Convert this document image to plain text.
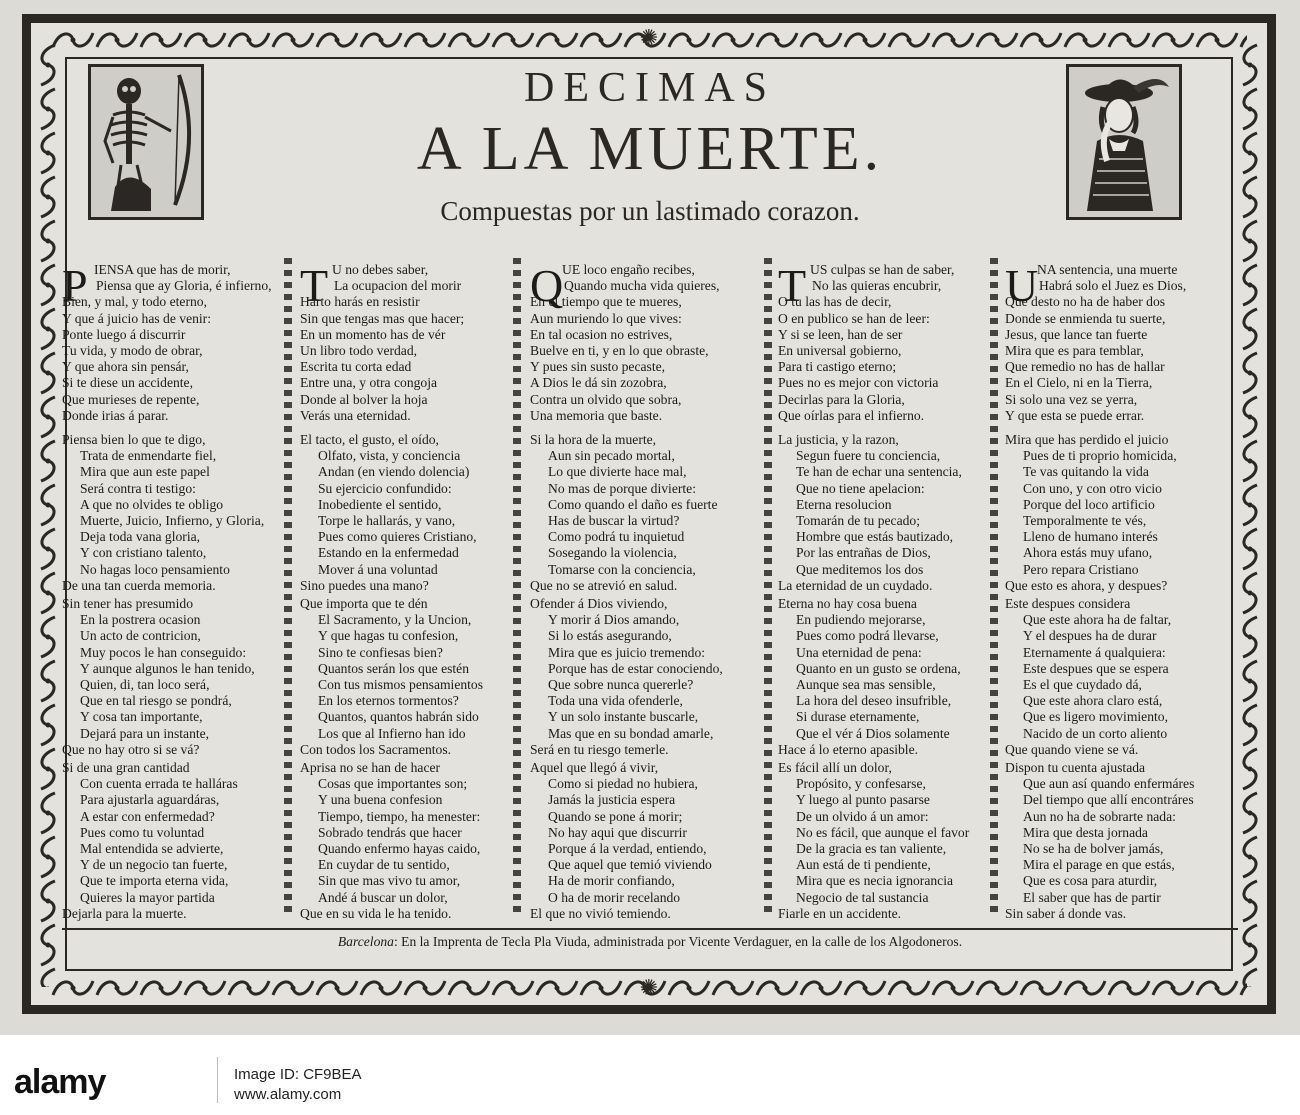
✺
✺
DECIMAS
A LA MUERTE.
Compuestas por un lastimado corazon.
P IENSA que has de morir,
Piensa que ay Gloria, é infierno,
Bien, y mal, y todo eterno,
Y que á juicio has de venir:
Ponte luego á discurrir
Tu vida, y modo de obrar,
Y que ahora sin pensár,
Si te diese un accidente,
Que murieses de repente,
Donde irias á parar.
Piensa bien lo que te digo,
Trata de enmendarte fiel,
Mira que aun este papel
Será contra ti testigo:
A que no olvides te obligo
Muerte, Juicio, Infierno, y Gloria,
Deja toda vana gloria,
Y con cristiano talento,
No hagas loco pensamiento
De una tan cuerda memoria.
Sin tener has presumido
En la postrera ocasion
Un acto de contricion,
Muy pocos le han conseguido:
Y aunque algunos le han tenido,
Quien, di, tan loco será,
Que en tal riesgo se pondrá,
Y cosa tan importante,
Dejará para un instante,
Que no hay otro si se vá?
Si de una gran cantidad
Con cuenta errada te halláras
Para ajustarla aguardáras,
A estar con enfermedad?
Pues como tu voluntad
Mal entendida se advierte,
Y de un negocio tan fuerte,
Que te importa eterna vida,
Quieres la mayor partida
Dejarla para la muerte.
T U no debes saber,
La ocupacion del morir
Harto harás en resistir
Sin que tengas mas que hacer;
En un momento has de vér
Un libro todo verdad,
Escrita tu corta edad
Entre una, y otra congoja
Donde al bolver la hoja
Verás una eternidad.
El tacto, el gusto, el oído,
Olfato, vista, y conciencia
Andan (en viendo dolencia)
Su ejercicio confundido:
Inobediente el sentido,
Torpe le hallarás, y vano,
Pues como quieres Cristiano,
Estando en la enfermedad
Mover á una voluntad
Sino puedes una mano?
Que importa que te dén
El Sacramento, y la Uncion,
Y que hagas tu confesion,
Sino te confiesas bien?
Quantos serán los que estén
Con tus mismos pensamientos
En los eternos tormentos?
Quantos, quantos habrán sido
Los que al Infierno han ido
Con todos los Sacramentos.
Aprisa no se han de hacer
Cosas que importantes son;
Y una buena confesion
Tiempo, tiempo, ha menester:
Sobrado tendrás que hacer
Quando enfermo hayas caido,
En cuydar de tu sentido,
Sin que mas vivo tu amor,
Andé á buscar un dolor,
Que en su vida le ha tenido.
Q
UE loco engaño recibes,
Quando mucha vida quieres,
En el tiempo que te mueres,
Aun muriendo lo que vives:
En tal ocasion no estrives,
Buelve en ti, y en lo que obraste,
Y pues sin susto pecaste,
A Dios le dá sin zozobra,
Contra un olvido que sobra,
Una memoria que baste.
Si la hora de la muerte,
Aun sin pecado mortal,
Lo que divierte hace mal,
No mas de porque divierte:
Como quando el daño es fuerte
Has de buscar la virtud?
Como podrá tu inquietud
Sosegando la violencia,
Tomarse con la conciencia,
Que no se atrevió en salud.
Ofender á Dios viviendo,
Y morir á Dios amando,
Si lo estás asegurando,
Mira que es juicio tremendo:
Porque has de estar conociendo,
Que sobre nunca quererle?
Toda una vida ofenderle,
Y un solo instante buscarle,
Mas que en su bondad amarle,
Será en tu riesgo temerle.
Aquel que llegó á vivir,
Como si piedad no hubiera,
Jamás la justicia espera
Quando se ponе á morir;
No hay aqui que discurrir
Porque á la verdad, entiendo,
Que aquel que temió viviendo
Ha de morir confiando,
O ha de morir recelando
El que no vivió temiendo.
T US culpas se han de saber,
No las quieras encubrir,
O tu las has de decir,
O en publico se han de leer:
Y si se leen, han de ser
En universal gobierno,
Para ti castigo eterno;
Pues no es mejor con victoria
Decirlas para la Gloria,
Que oírlas para el infierno.
La justicia, y la razon,
Segun fuere tu conciencia,
Te han de echar una sentencia,
Que no tiene apelacion:
Eterna resolucion
Tomarán de tu pecado;
Hombre que estás bautizado,
Por las entrañas de Dios,
Que meditemos los dos
La eternidad de un cuydado.
Eterna no hay cosa buena
En pudiendo mejorarse,
Pues como podrá llevarse,
Una eternidad de pena:
Quanto en un gusto se ordena,
Aunque sea mas sensible,
La hora del deseo insufrible,
Si durase eternamente,
Que el vér á Dios solamente
Hace á lo eterno apasible.
Es fácil allí un dolor,
Propósito, y confesarse,
Y luego al punto pasarse
De un olvido á un amor:
No es fácil, que aunque el favor
De la gracia es tan valiente,
Aun está de ti pendiente,
Mira que es necia ignorancia
Negocio de tal sustancia
Fiarle en un accidente.
U
NA sentencia, una muerte
Habrá solo el Juez es Dios,
Que desto no ha de haber dos
Donde se enmienda tu suerte,
Jesus, que lance tan fuerte
Mira que es para temblar,
Que remedio no has de hallar
En el Cielo, ni en la Tierra,
Si solo una vez se yerra,
Y que esta se puede errar.
Mira que has perdido el juicio
Pues de ti proprio homicida,
Te vas quitando la vida
Con uno, y con otro vicio
Porque del loco artificio
Temporalmente te vés,
Lleno de humano interés
Ahora estás muy ufano,
Pero repara Cristiano
Que esto es ahora, y despues?
Este despues considera
Que este ahora ha de faltar,
Y el despues ha de durar
Eternamente á qualquiera:
Este despues que se espera
Es el que cuydado dá,
Que este ahora claro está,
Que es ligero movimiento,
Nacido de un corto aliento
Que quando viene se vá.
Dispon tu cuenta ajustada
Que aun así quando enfermáres
Del tiempo que allí encontráres
Aun no ha de sobrarte nada:
Mira que desta jornada
No se ha de bolver jamás,
Mira el parage en que estás,
Que es cosa para aturdir,
El saber que has de partir
Sin saber á donde vas.
Barcelona: En la Imprenta de Tecla Pla Viuda, administrada por Vicente Verdaguer, en la calle de los Algodoneros.
alamy	Image ID: CF9BEA
www.alamy.com
